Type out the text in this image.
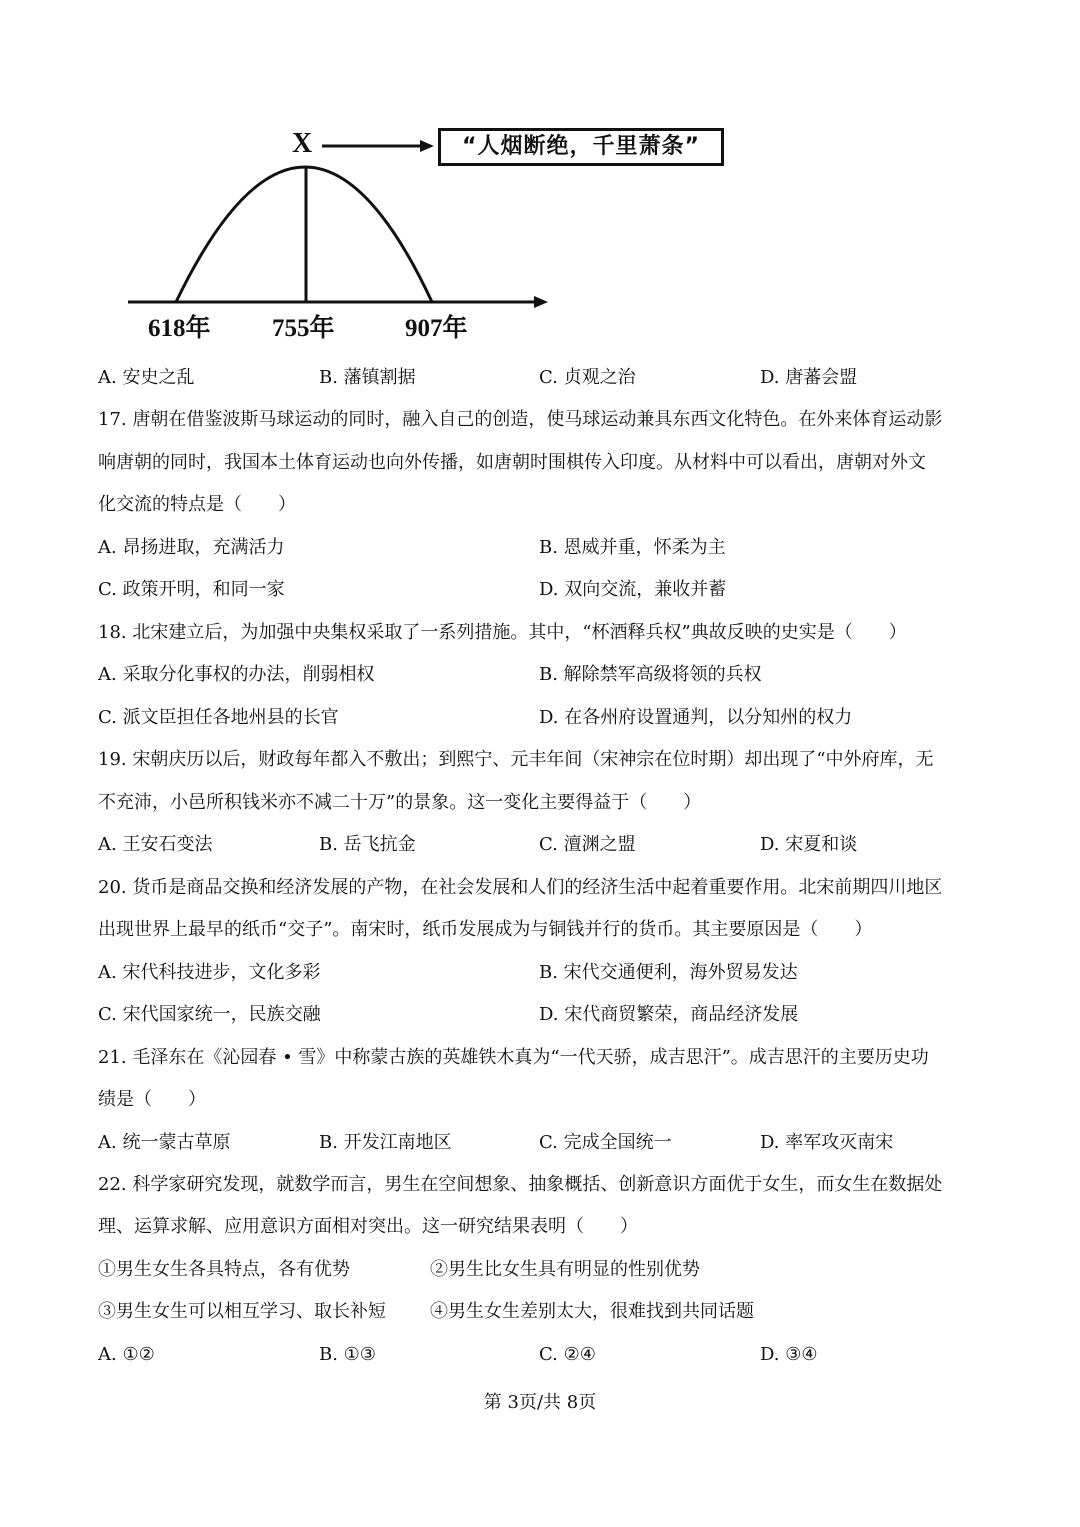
X	“人烟断绝，千里萧条”
618年 755年	907年
A. 安史之乱	B. 藩镇割据	C. 贞观之治	D. 唐蕃会盟
17. 唐朝在借鉴波斯马球运动的同时，融入自己的创造，使马球运动兼具东西文化特色。在外来体育运动影
响唐朝的同时，我国本土体育运动也向外传播，如唐朝时围棋传入印度。从材料中可以看出，唐朝对外文
化交流的特点是（　　）
A. 昂扬进取，充满活力	B. 恩威并重，怀柔为主
C. 政策开明，和同一家	D. 双向交流，兼收并蓄
18. 北宋建立后，为加强中央集权采取了一系列措施。其中，“杯酒释兵权”典故反映的史实是（　　）
A. 采取分化事权的办法，削弱相权	B. 解除禁军高级将领的兵权
C. 派文臣担任各地州县的长官	D. 在各州府设置通判，以分知州的权力
19. 宋朝庆历以后，财政每年都入不敷出；到熙宁、元丰年间（宋神宗在位时期）却出现了“中外府库，无
不充沛，小邑所积钱米亦不减二十万”的景象。这一变化主要得益于（　　）
A. 王安石变法	B. 岳飞抗金	C. 澶渊之盟	D. 宋夏和谈
20. 货币是商品交换和经济发展的产物，在社会发展和人们的经济生活中起着重要作用。北宋前期四川地区
出现世界上最早的纸币“交子”。南宋时，纸币发展成为与铜钱并行的货币。其主要原因是（　　）
A. 宋代科技进步，文化多彩	B. 宋代交通便利，海外贸易发达
C. 宋代国家统一，民族交融	D. 宋代商贸繁荣，商品经济发展
21. 毛泽东在《沁园春 • 雪》中称蒙古族的英雄铁木真为“一代天骄，成吉思汗”。成吉思汗的主要历史功
绩是（　　）
A. 统一蒙古草原	B. 开发江南地区	C. 完成全国统一	D. 率军攻灭南宋
22. 科学家研究发现，就数学而言，男生在空间想象、抽象概括、创新意识方面优于女生，而女生在数据处
理、运算求解、应用意识方面相对突出。这一研究结果表明（　　）
①男生女生各具特点，各有优势	②男生比女生具有明显的性别优势
③男生女生可以相互学习、取长补短 ④男生女生差别太大，很难找到共同话题
A. ①②	B. ①③	C. ②④	D. ③④
第 3页/共 8页
